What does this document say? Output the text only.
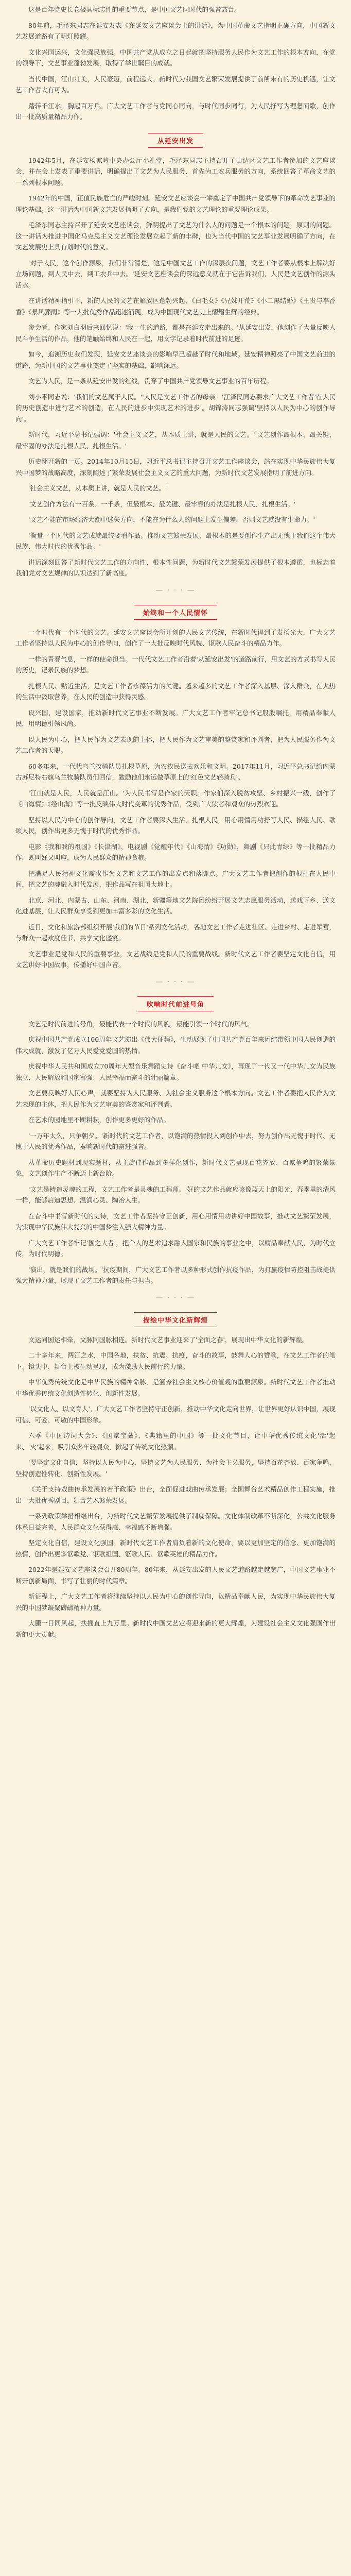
这是百年党史长卷极具标志性的重要节点，是中国文艺同时代的强音鼓台。

80年前，毛泽东同志在延安发表《在延安文艺座谈会上的讲话》，为中国革命文艺指明正确方向，中国新文艺发展道路有了明灯照耀。

文化兴国运兴，文化强民族强。中国共产党从成立之日起就把坚持服务人民作为文艺工作的根本方向，在党的领导下，文艺事业蓬勃发展，取得了举世瞩目的成就。

当代中国，江山壮美，人民豪迈，前程远大。新时代为我国文艺繁荣发展提供了前所未有的历史机遇，让文艺工作者大有可为。

踏转千江水，胸起百万兵。广大文艺工作者与党同心同向，与时代同步同行，为人民抒写为理想而歌，创作出一批高质量精品力作。

从延安出发

1942年5月，在延安杨家岭中央办公厅小礼堂，毛泽东同志主持召开了由边区文艺工作者参加的文艺座谈会，并在会上发表了重要讲话，明确提出了文艺为人民服务、首先为工农兵服务的方向，系统回答了革命文艺的一系列根本问题。

1942年的中国，正值民族危亡的严峻时刻。延安文艺座谈会一举奠定了中国共产党领导下的革命文艺事业的理论基础。这一讲话为中国新文艺发展指明了方向，是我们党的文艺理论的重要理论成果。

毛泽东同志主持召开了延安文艺座谈会，鲜明提出了文艺为什么人的问题是一个根本的问题，原则的问题。这一讲话为推进中国化马克思主义文艺理论发展立起了新的丰碑，也为当代中国的文艺事业发展明确了方向，在文艺发展史上具有划时代的意义。

'对于人民，这个创作源泉，我们非常清楚，这是中国文艺工作的深层次问题，文艺工作者要从根本上解决好立场问题，到人民中去，到工农兵中去。'延安文艺座谈会的深远意义就在于它告诉我们，人民是文艺创作的源头活水。

在讲话精神指引下，新的人民的文艺在解放区蓬勃兴起，《白毛女》《兄妹开荒》《小二黑结婚》《王贵与李香香》《暴风骤雨》等一大批优秀作品迅速涌现，成为中国现代文艺史上熠熠生辉的经典。

参会者、作家刘白羽后来回忆说：'我一生的道路，都是在延安走出来的。'从延安出发，他创作了大量反映人民斗争生活的作品，他的笔触始终和人民在一起，用文字记录着时代前进的足迹。

如今，追溯历史我们发现，延安文艺座谈会的影响早已超越了时代和地域。延安精神照亮了中国文艺前进的道路，为新中国的文艺事业奠定了坚实的基础，影响深远。

文艺为人民，是一条从延安出发的红线，贯穿了中国共产党领导文艺事业的百年历程。

刘小平同志说：'我们的文艺属于人民。''人民是文艺工作者的母亲。'江泽民同志要求广大文艺工作者'在人民的历史创造中进行艺术的创造，在人民的进步中实现艺术的进步'。胡锦涛同志强调'坚持以人民为中心的创作导向'。

新时代，习近平总书记强调：'社会主义文艺，从本质上讲，就是人民的文艺。''文艺创作最根本、最关键、最牢固的办法是扎根人民、扎根生活。'

历史翻开新的一页。2014年10月15日，习近平总书记主持召开文艺工作座谈会，站在实现中华民族伟大复兴中国梦的战略高度，深刻阐述了繁荣发展社会主义文艺的重大问题，为新时代文艺发展指明了前进方向。

'社会主义文艺，从本质上讲，就是人民的文艺。'

'文艺创作方法有一百条、一千条，但最根本、最关键、最牢靠的办法是扎根人民、扎根生活。'

'文艺不能在市场经济大潮中迷失方向，不能在为什么人的问题上发生偏差，否则文艺就没有生命力。'

'衡量一个时代的文艺成就最终要看作品。推动文艺繁荣发展，最根本的是要创作生产出无愧于我们这个伟大民族、伟大时代的优秀作品。'

讲话深刻回答了新时代文艺工作的方向性、根本性问题，为新时代文艺繁荣发展提供了根本遵循，也标志着我们党对文艺规律的认识达到了新高度。

— · · · —
始终和一个人民情怀

一个时代有一个时代的文艺。延安文艺座谈会所开创的人民文艺传统，在新时代得到了发扬光大，广大文艺工作者坚持以人民为中心的创作导向，创作了一大批反映时代风貌、讴歌人民奋斗的精品力作。

一样的青春气息，一样的使命担当。一代代文艺工作者沿着'从延安出发'的道路前行，用文艺的方式书写人民的历史，记录民族的梦想。

扎根人民、贴近生活，是文艺工作者永葆活力的关键。越来越多的文艺工作者深入基层、深入群众，在火热的生活中汲取营养，在人民的创造中获得灵感。

设兴国，建设国家，推动新时代文艺事业不断发展。广大文艺工作者牢记总书记殷殷嘱托，用精品奉献人民，用明德引领风尚。

以人民为中心，把人民作为文艺表现的主体，把人民作为文艺审美的鉴赏家和评判者，把为人民服务作为文艺工作者的天职。

60多年来，一代代乌兰牧骑队员扎根草原，为农牧民送去欢乐和文明。2017年11月，习近平总书记给内蒙古苏尼特右旗乌兰牧骑队员们回信，勉励他们永远做草原上的'红色文艺轻骑兵'。

'江山就是人民，人民就是江山。'为人民书写是作家的天职。作家们深入脱贫攻坚、乡村振兴一线，创作了《山海情》《经山海》等一批反映伟大时代变革的优秀作品，受到广大读者和观众的热烈欢迎。

坚持以人民为中心的创作导向，文艺工作者要深入生活、扎根人民，用心用情用功抒写人民、描绘人民、歌颂人民，创作出更多无愧于时代的优秀作品。

电影《我和我的祖国》《长津湖》，电视剧《觉醒年代》《山海情》《功勋》，舞剧《只此青绿》等一批精品力作，既叫好又叫座，成为人民群众的精神食粮。

把满足人民精神文化需求作为文艺和文艺工作的出发点和落脚点。广大文艺工作者把创作的根扎在人民中间，把文艺的魂融入时代发展，把作品写在祖国大地上。

北京、河北、内蒙古、山东、河南、湖北、新疆等地文艺院团纷纷开展文艺志愿服务活动，送戏下乡、送文化进基层，让人民群众享受到更加丰富多彩的文化生活。

近日，文化和旅游部组织开展'我们的节日'系列文化活动，各地文艺工作者走进社区、走进乡村、走进军营，与群众一起欢度佳节，共享文化盛宴。

文艺事业是党和人民的重要事业，文艺战线是党和人民的重要战线。新时代文艺工作者要坚定文化自信，用文艺讲好中国故事，传播好中国声音。

— · · · —
吹响时代前进号角

文艺是时代前进的号角，最能代表一个时代的风貌，最能引领一个时代的风气。

庆祝中国共产党成立100周年文艺演出《伟大征程》，生动展现了中国共产党百年来团结带领中国人民创造的伟大成就，激发了亿万人民爱党爱国的热情。

庆祝中华人民共和国成立70周年大型音乐舞蹈史诗《奋斗吧 中华儿女》，再现了一代又一代中华儿女为民族独立、人民解放和国家富强、人民幸福而奋斗的壮丽篇章。

文艺要反映好人民心声，就要坚持为人民服务、为社会主义服务这个根本方向。文艺工作者要把人民作为文艺表现的主体，把人民作为文艺审美的鉴赏家和评判者。

在艺术的园地里不断耕耘，创作更多更好的作品。

'一万年太久，只争朝夕。'新时代的文艺工作者，以饱满的热情投入到创作中去，努力创作出无愧于时代、无愧于人民的优秀作品，奏响新时代的奋进强音。

从革命历史题材到现实题材，从主旋律作品到多样化创作，新时代文艺呈现百花齐放、百家争鸣的繁荣景象，文艺创作生产不断迈上新台阶。

'文艺是铸造灵魂的工程，文艺工作者是灵魂的工程师。'好的文艺作品就应该像蓝天上的阳光、春季里的清风一样，能够启迪思想、温润心灵、陶冶人生。

在奋斗中书写新时代的史诗，文艺工作者坚持守正创新，用心用情用功讲好中国故事，推动文艺繁荣发展，为实现中华民族伟大复兴的中国梦注入强大精神力量。

广大文艺工作者牢记'国之大者'，把个人的艺术追求融入国家和民族的事业之中，以精品奉献人民，为时代立传，为时代明德。

'演出，就是我们的战场。'抗疫期间，广大文艺工作者以多种形式创作抗疫作品，为打赢疫情防控阻击战提供强大精神力量，展现了文艺工作者的责任与担当。

— · · · —
描绘中华文化新辉煌

文运同国运相牵，文脉同国脉相连。新时代文艺事业迎来了'全面之春'，展现出中华文化的新辉煌。

二十多年来，两江之水，中国各地，扶贫、抗震、抗疫，奋斗的故事，鼓舞人心的赞歌，在文艺工作者的笔下、镜头中、舞台上被生动呈现，成为激励人民前行的力量。

中华优秀传统文化是中华民族的精神命脉，是涵养社会主义核心价值观的重要源泉。新时代文艺工作者推动中华优秀传统文化创造性转化、创新性发展。

'以文化人、以文育人'，广大文艺工作者坚持守正创新，推动中华文化走向世界，让世界更好认识中国，展现可信、可爱、可敬的中国形象。

六季《中国诗词大会》、《国家宝藏》、《典籍里的中国》等一批文化节目，让中华优秀传统文化'活'起来、'火'起来，吸引众多年轻观众，掀起了传统文化热潮。

'要坚定文化自信，坚持以人民为中心，坚持文艺为人民服务、为社会主义服务，坚持百花齐放、百家争鸣，坚持创造性转化、创新性发展。'

《关于支持戏曲传承发展的若干政策》出台，全面促进戏曲传承发展；全国舞台艺术精品创作工程实施，推出一大批优秀剧目，舞台艺术繁荣发展。

一系列政策举措相继出台，为新时代文艺繁荣发展提供了制度保障。文化体制改革不断深化，公共文化服务体系日益完善，人民群众文化获得感、幸福感不断增强。

坚定文化自信，建设文化强国。新时代文艺工作者肩负着新的文化使命，要以更加坚定的信念、更加饱满的热情，创作出更多讴歌党、讴歌祖国、讴歌人民、讴歌英雄的精品力作。

2022年是延安文艺座谈会召开80周年。80年来，从延安出发的人民文艺道路越走越宽广，中国文艺事业不断开创新局面，书写了壮丽的时代篇章。

新征程上，广大文艺工作者将继续坚持以人民为中心的创作导向，以精品奉献人民，为实现中华民族伟大复兴的中国梦凝聚磅礴精神力量。

大鹏一日同风起，扶摇直上九万里。新时代中国文艺定将迎来新的更大辉煌，为建设社会主义文化强国作出新的更大贡献。
